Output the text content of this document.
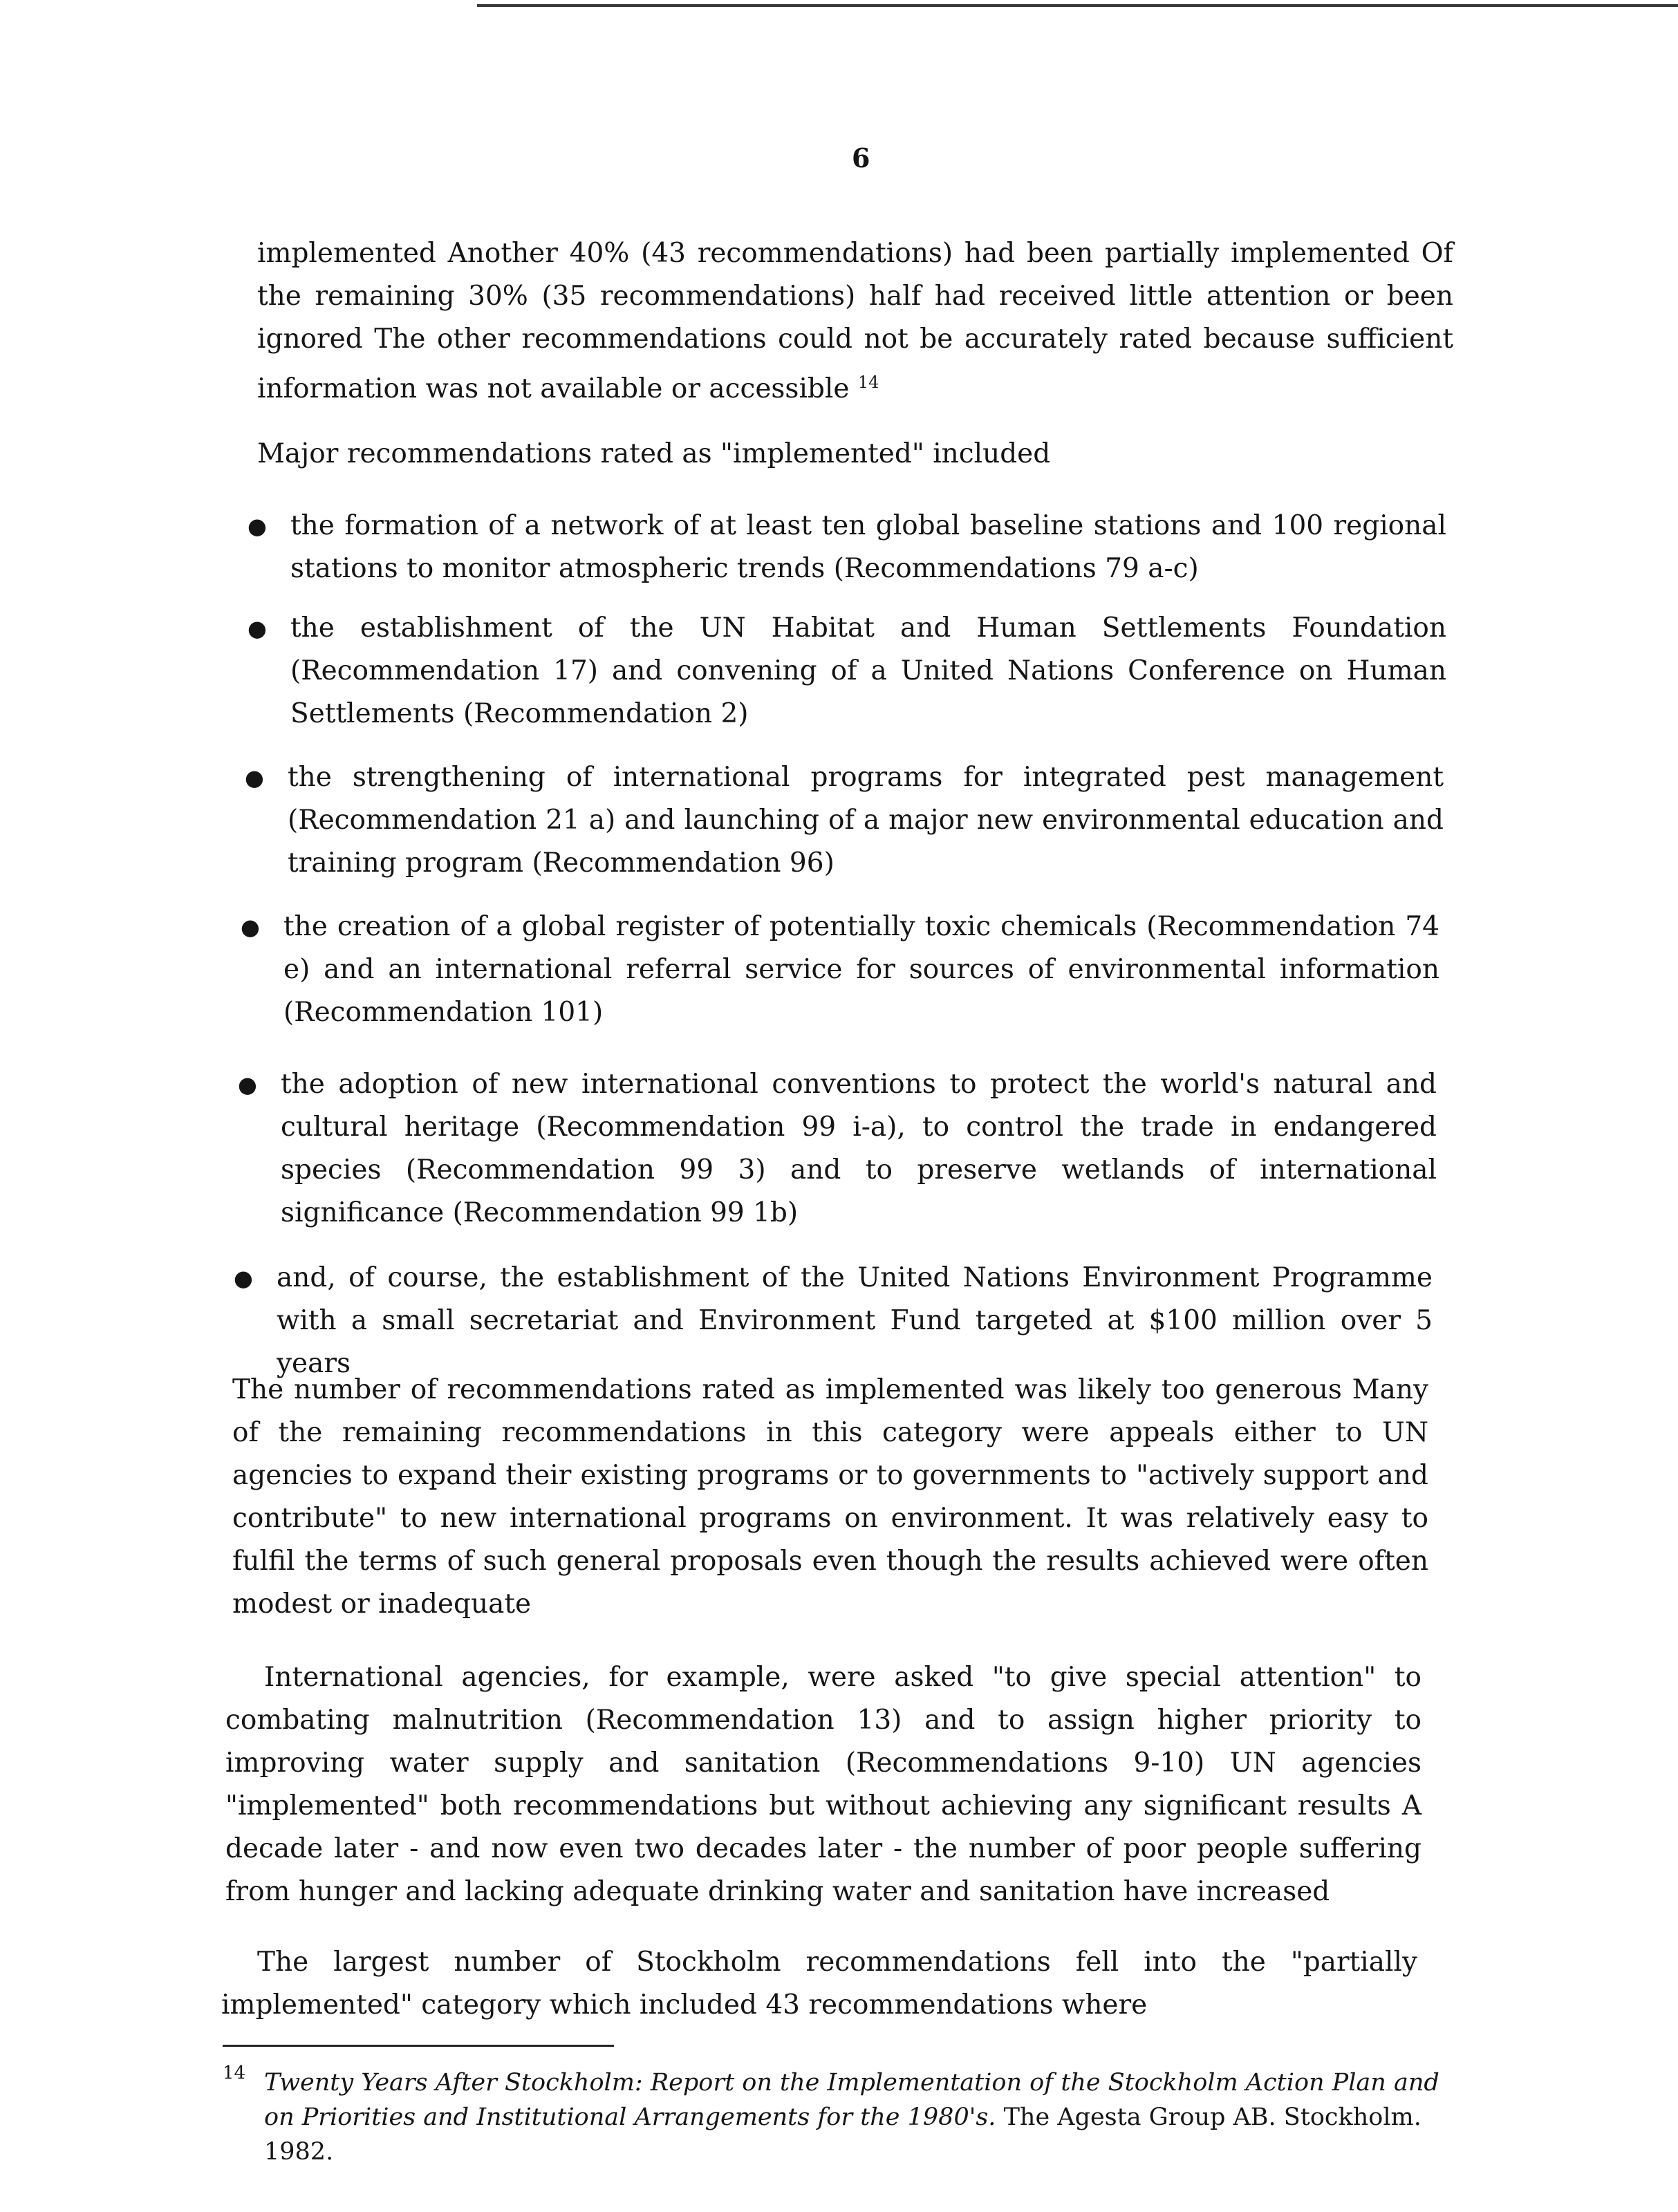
6

implemented Another 40% (43 recommendations) had been partially implemented Of the remaining 30% (35 recommendations) half had received little attention or been ignored The other recommendations could not be accurately rated because sufficient information was not available or accessible $^{14}$

Major recommendations rated as "implemented" included

● the formation of a network of at least ten global baseline stations and 100 regional stations to monitor atmospheric trends (Recommendations 79 a-c)

● the establishment of the UN Habitat and Human Settlements Foundation (Recommendation 17) and convening of a United Nations Conference on Human Settlements (Recommendation 2)

● the strengthening of international programs for integrated pest management (Recommendation 21 a) and launching of a major new environmental education and training program (Recommendation 96)

● the creation of a global register of potentially toxic chemicals (Recommendation 74 e) and an international referral service for sources of environmental information (Recommendation 101)

● the adoption of new international conventions to protect the world's natural and cultural heritage (Recommendation 99 i-a), to control the trade in endangered species (Recommendation 99 3) and to preserve wetlands of international significance (Recommendation 99 1b)

● and, of course, the establishment of the United Nations Environment Programme with a small secretariat and Environment Fund targeted at $100 million over 5 years

The number of recommendations rated as implemented was likely too generous Many of the remaining recommendations in this category were appeals either to UN agencies to expand their existing programs or to governments to "actively support and contribute" to new international programs on environment. It was relatively easy to fulfil the terms of such general proposals even though the results achieved were often modest or inadequate

International agencies, for example, were asked "to give special attention" to combating malnutrition (Recommendation 13) and to assign higher priority to improving water supply and sanitation (Recommendations 9-10) UN agencies "implemented" both recommendations but without achieving any significant results A decade later - and now even two decades later - the number of poor people suffering from hunger and lacking adequate drinking water and sanitation have increased

The largest number of Stockholm recommendations fell into the "partially implemented" category which included 43 recommendations where

14 Twenty Years After Stockholm: Report on the Implementation of the Stockholm Action Plan and on Priorities and Institutional Arrangements for the 1980's. The Agesta Group AB. Stockholm. 1982.
